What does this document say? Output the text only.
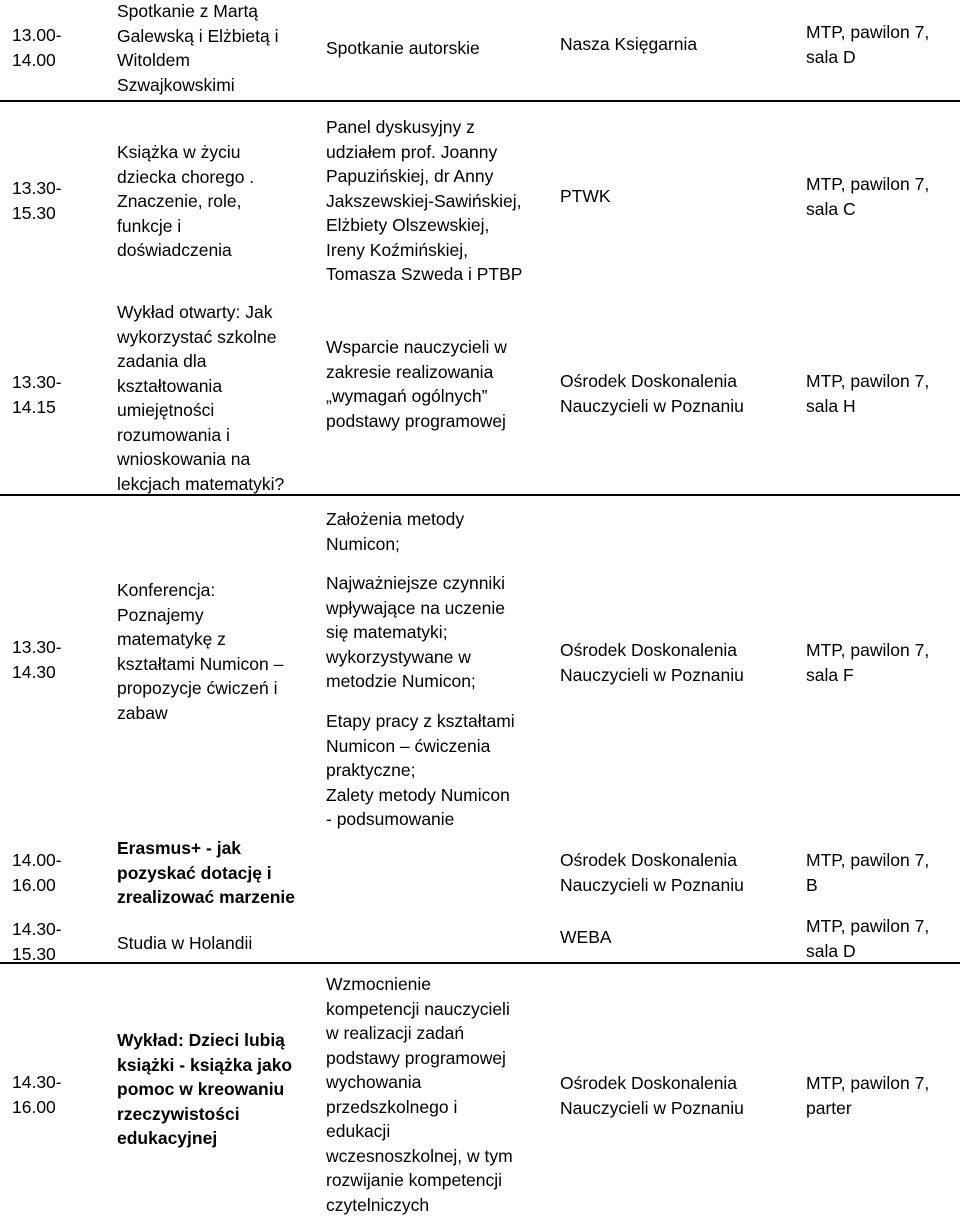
13.00-
14.00
Spotkanie z Martą
Galewską i Elżbietą i
Witoldem
Szwajkowskimi
Spotkanie autorskie	Nasza Księgarnia
MTP, pawilon 7,
sala D
13.30-
15.30
Książka w życiu
dziecka chorego .
Znaczenie, role,
funkcje i
doświadczenia
Panel dyskusyjny z
udziałem prof. Joanny
Papuzińskiej, dr Anny
Jakszewskiej-Sawińskiej,
Elżbiety Olszewskiej,
Ireny Koźmińskiej,
Tomasza Szweda i PTBP
PTWK
MTP, pawilon 7,
sala C
13.30-
14.15
Wykład otwarty: Jak
wykorzystać szkolne
zadania dla
kształtowania
umiejętności
rozumowania i
wnioskowania na
lekcjach matematyki?
Wsparcie nauczycieli w
zakresie realizowania
„wymagań ogólnych”
podstawy programowej
Ośrodek Doskonalenia
Nauczycieli w Poznaniu
MTP, pawilon 7,
sala H
13.30-
14.30
Konferencja:
Poznajemy
matematykę z
kształtami Numicon –
propozycje ćwiczeń i
zabaw
Założenia metody
Numicon;
Najważniejsze czynniki
wpływające na uczenie
się matematyki;
wykorzystywane w
metodzie Numicon;
Etapy pracy z kształtami
Numicon – ćwiczenia
praktyczne;
Zalety metody Numicon
- podsumowanie
Ośrodek Doskonalenia
Nauczycieli w Poznaniu
MTP, pawilon 7,
sala F
14.00-
16.00
Erasmus+ - jak
pozyskać dotację i
zrealizować marzenie
Ośrodek Doskonalenia
Nauczycieli w Poznaniu
MTP, pawilon 7,
B
14.30-
15.30
Studia w Holandii	WEBA
MTP, pawilon 7,
sala D
14.30-
16.00
Wykład: Dzieci lubią
książki - książka jako
pomoc w kreowaniu
rzeczywistości
edukacyjnej
Wzmocnienie
kompetencji nauczycieli
w realizacji zadań
podstawy programowej
wychowania
przedszkolnego i
edukacji
wczesnoszkolnej, w tym
rozwijanie kompetencji
czytelniczych
Ośrodek Doskonalenia
Nauczycieli w Poznaniu
MTP, pawilon 7,
parter
